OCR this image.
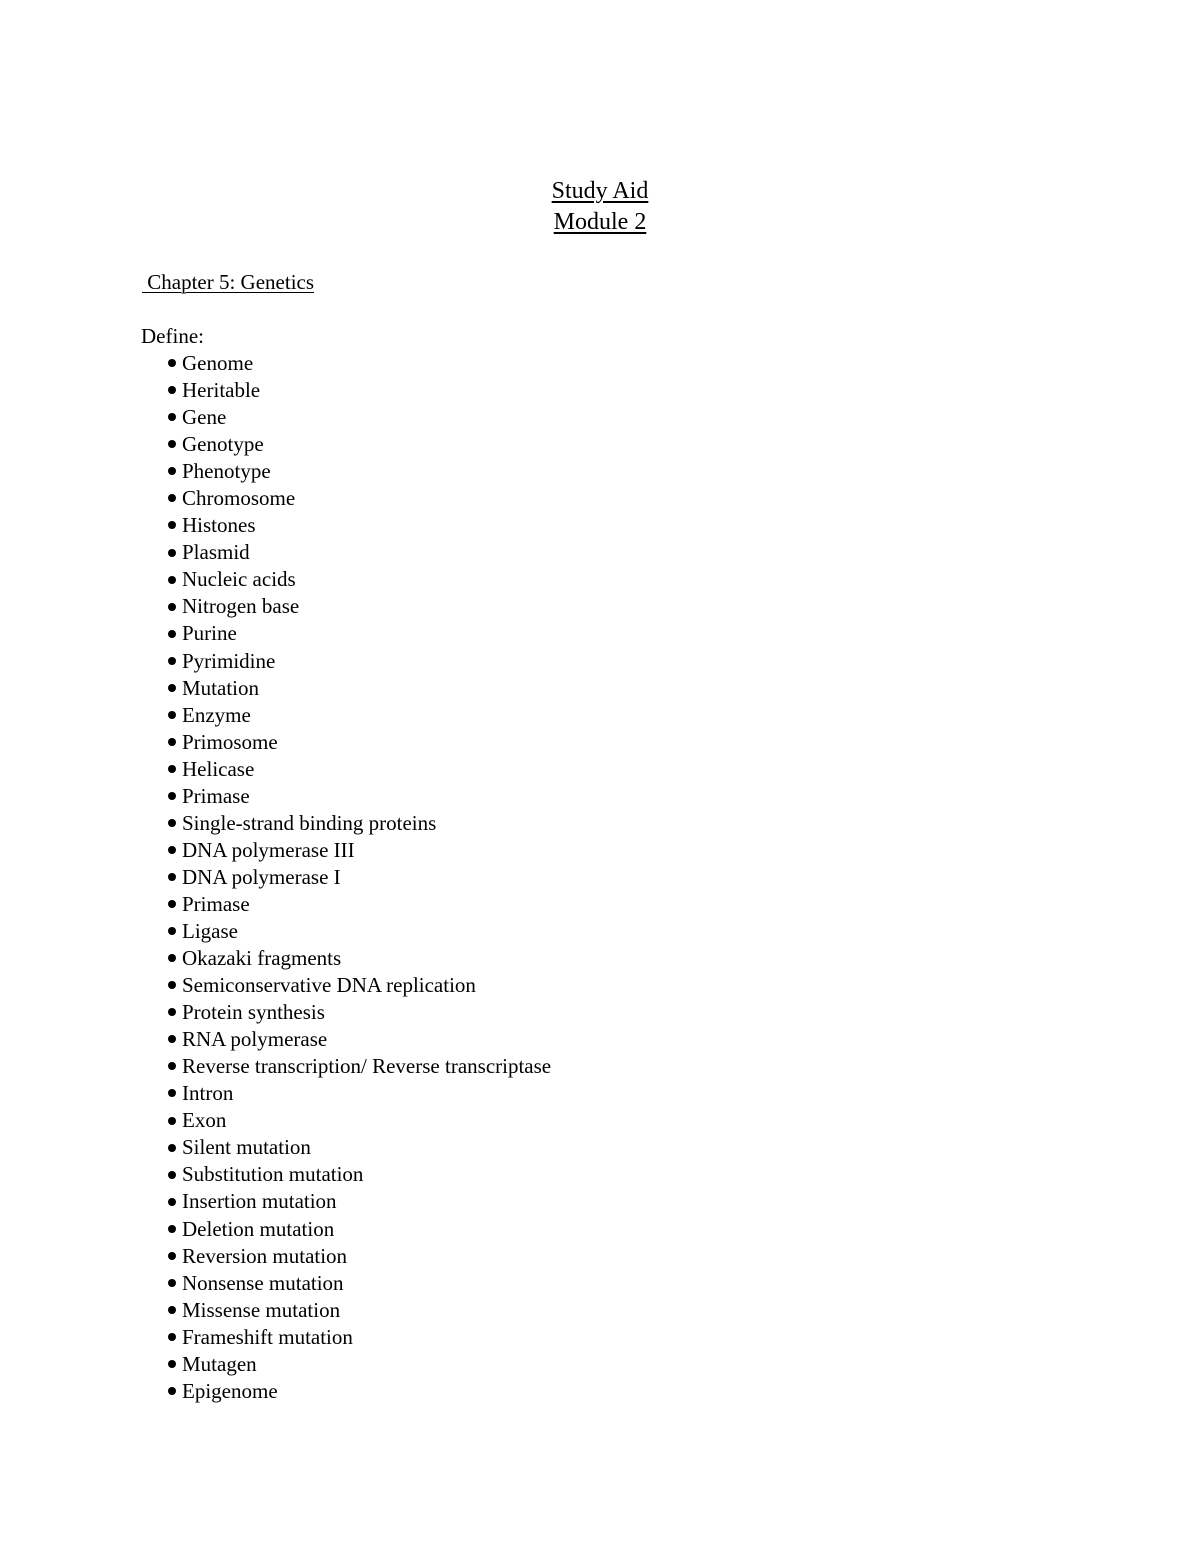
Study Aid
Module 2
Chapter 5: Genetics
Define:
Genome
Heritable
Gene
Genotype
Phenotype
Chromosome
Histones
Plasmid
Nucleic acids
Nitrogen base
Purine
Pyrimidine
Mutation
Enzyme
Primosome
Helicase
Primase
Single-strand binding proteins
DNA polymerase III
DNA polymerase I
Primase
Ligase
Okazaki fragments
Semiconservative DNA replication
Protein synthesis
RNA polymerase
Reverse transcription/ Reverse transcriptase
Intron
Exon
Silent mutation
Substitution mutation
Insertion mutation
Deletion mutation
Reversion mutation
Nonsense mutation
Missense mutation
Frameshift mutation
Mutagen
Epigenome
